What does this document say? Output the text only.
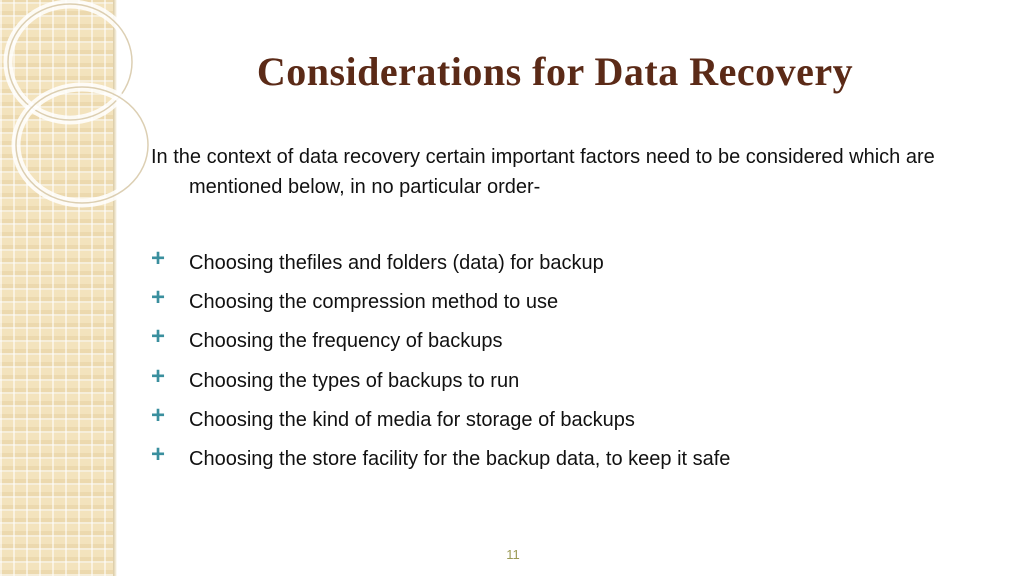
Considerations for Data Recovery

In the context of data recovery certain important factors need to be considered which are mentioned below, in no particular order-

+	Choosing thefiles and folders (data) for backup
+	Choosing the compression method to use
+	Choosing the frequency of backups
+	Choosing the types of backups to run
+	Choosing the kind of media for storage of backups
+	Choosing the store facility for the backup data, to keep it safe
11
